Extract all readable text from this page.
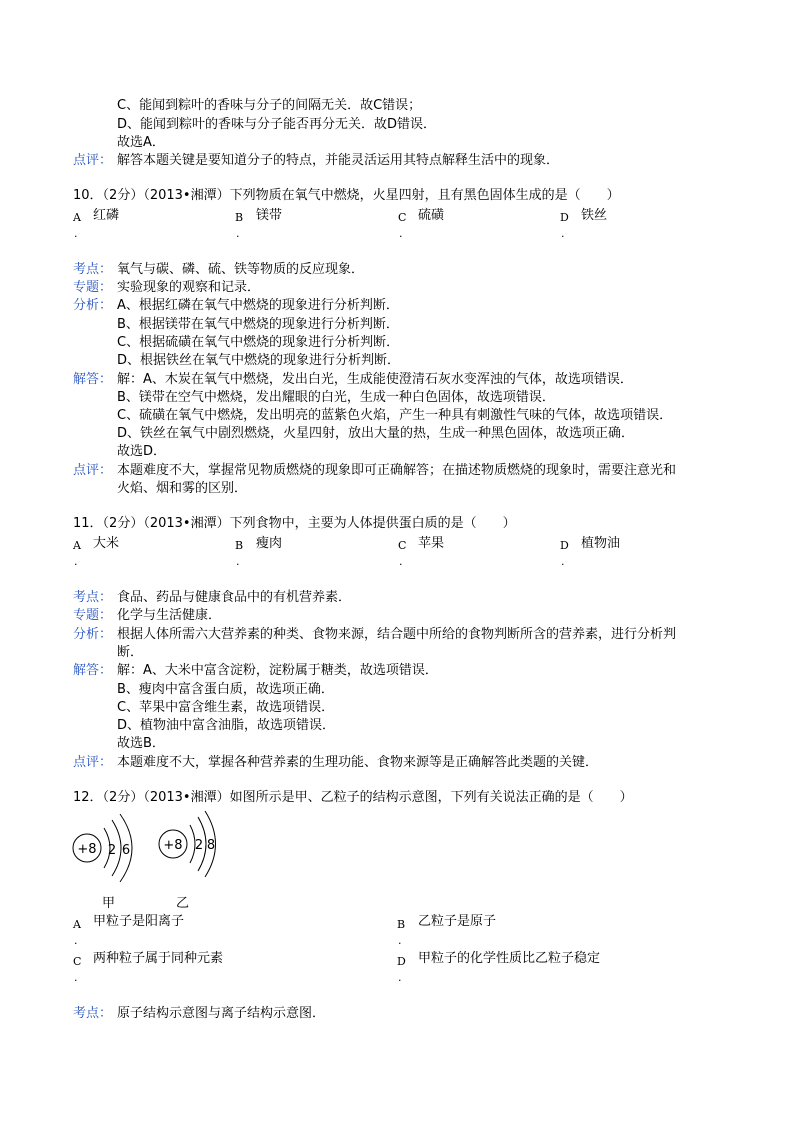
C、能闻到粽叶的香味与分子的间隔无关．故C错误；
D、能闻到粽叶的香味与分子能否再分无关．故D错误．
故选A．
点评： 解答本题关键是要知道分子的特点，并能灵活运用其特点解释生活中的现象．
10．（2分）（2013•湘潭）下列物质在氧气中燃烧，火星四射，且有黑色固体生成的是（　　）
A
.
红磷	B
.
镁带	C
.
硫磺	D
.
铁丝
考点： 氧气与碳、磷、硫、铁等物质的反应现象．
专题： 实验现象的观察和记录．
分析： A、根据红磷在氧气中燃烧的现象进行分析判断．
B、根据镁带在氧气中燃烧的现象进行分析判断．
C、根据硫磺在氧气中燃烧的现象进行分析判断．
D、根据铁丝在氧气中燃烧的现象进行分析判断．
解答： 解：A、木炭在氧气中燃烧，发出白光，生成能使澄清石灰水变浑浊的气体，故选项错误．
B、镁带在空气中燃烧，发出耀眼的白光，生成一种白色固体，故选项错误．
C、硫磺在氧气中燃烧，发出明亮的蓝紫色火焰，产生一种具有刺激性气味的气体，故选项错误．
D、铁丝在氧气中剧烈燃烧，火星四射，放出大量的热，生成一种黑色固体，故选项正确．
故选D．
点评： 本题难度不大，掌握常见物质燃烧的现象即可正确解答；在描述物质燃烧的现象时，需要注意光和
火焰、烟和雾的区别．
11．（2分）（2013•湘潭）下列食物中，主要为人体提供蛋白质的是（　　）
A
.
大米	B
.
瘦肉	C
.
苹果	D
.
植物油
考点： 食品、药品与健康食品中的有机营养素．
专题： 化学与生活健康．
分析： 根据人体所需六大营养素的种类、食物来源，结合题中所给的食物判断所含的营养素，进行分析判
断．
解答： 解：A、大米中富含淀粉，淀粉属于糖类，故选项错误．
B、瘦肉中富含蛋白质，故选项正确．
C、苹果中富含维生素，故选项错误．
D、植物油中富含油脂，故选项错误．
故选B．
点评： 本题难度不大，掌握各种营养素的生理功能、食物来源等是正确解答此类题的关键．
12．（2分）（2013•湘潭）如图所示是甲、乙粒子的结构示意图，下列有关说法正确的是（　　）
+8 2 6	+8 2 8
甲	乙
A
.
甲粒子是阳离子	B
.
乙粒子是原子
C
.
两种粒子属于同种元素	D
.
甲粒子的化学性质比乙粒子稳定
考点： 原子结构示意图与离子结构示意图．
